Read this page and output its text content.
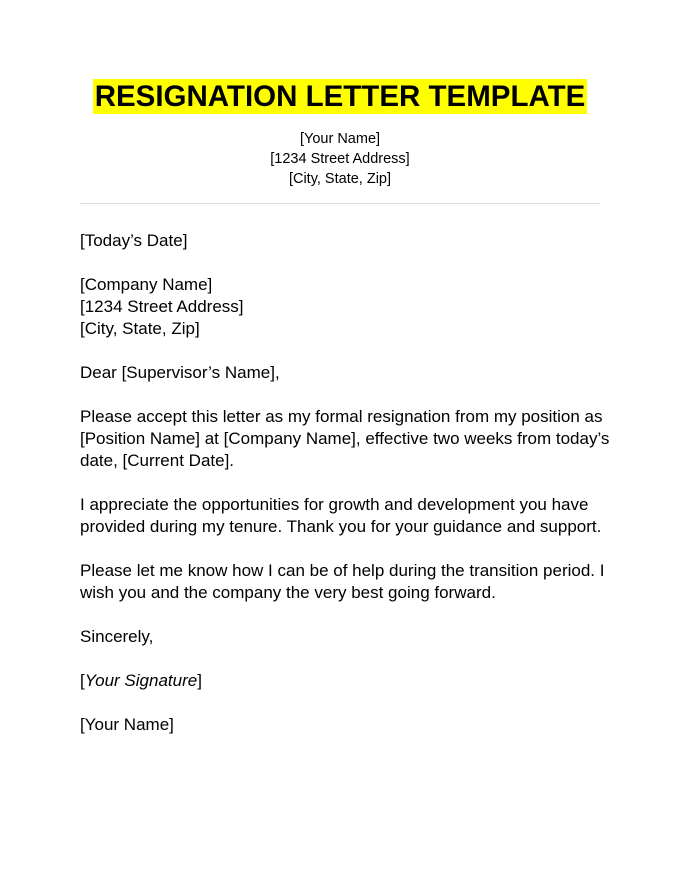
RESIGNATION LETTER TEMPLATE
[Your Name]
[1234 Street Address]
[City, State, Zip]

[Today’s Date]

[Company Name]

[1234 Street Address]

[City, State, Zip]

Dear [Supervisor’s Name],

Please accept this letter as my formal resignation from my position as [Position Name] at [Company Name], effective two weeks from today’s date, [Current Date].

I appreciate the opportunities for growth and development you have provided during my tenure. Thank you for your guidance and support.

Please let me know how I can be of help during the transition period. I wish you and the company the very best going forward.

Sincerely,

[Your Signature]

[Your Name]
